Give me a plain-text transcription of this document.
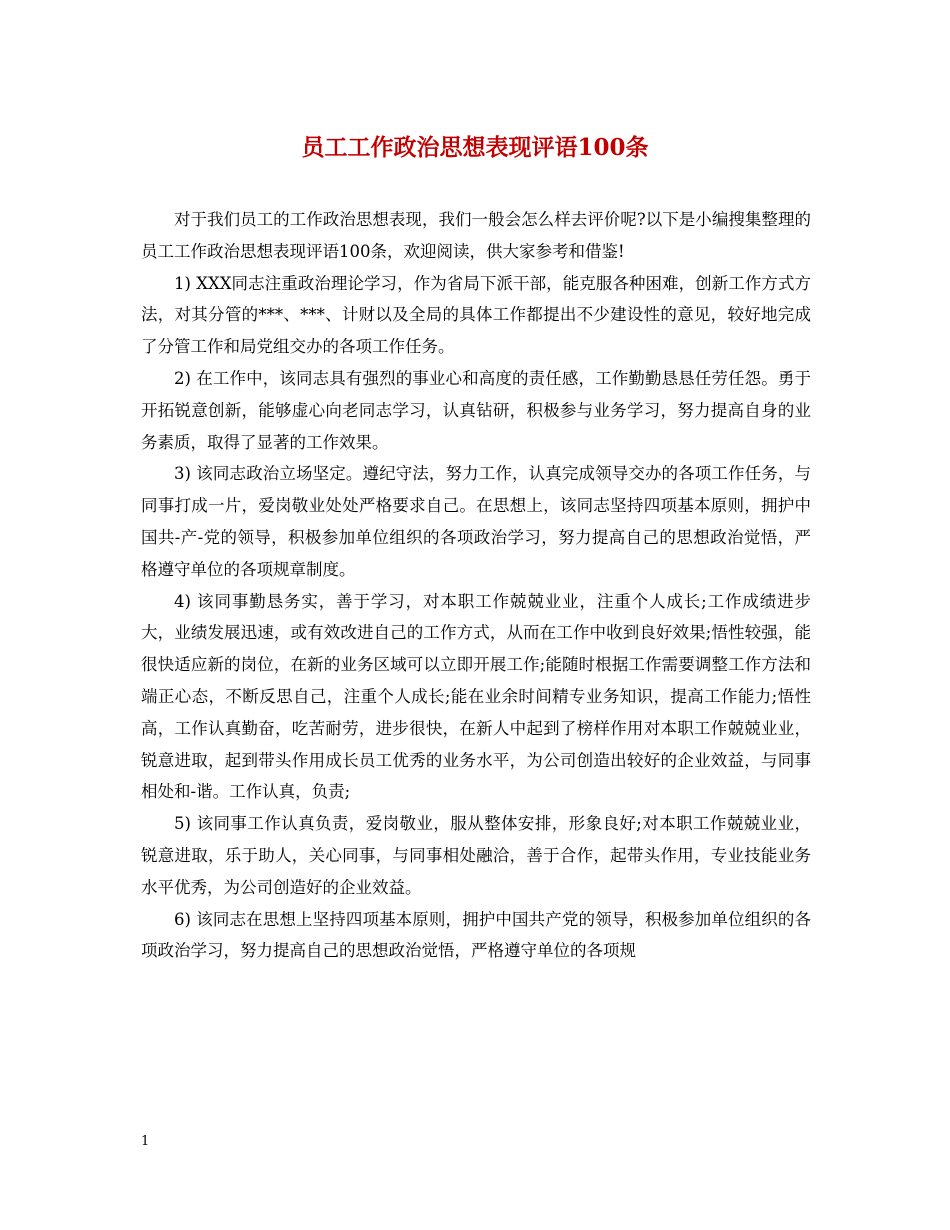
员工工作政治思想表现评语100条

对于我们员工的工作政治思想表现，我们一般会怎么样去评价呢?以下是小编搜集整理的员工工作政治思想表现评语100条，欢迎阅读，供大家参考和借鉴!

1) XXX同志注重政治理论学习，作为省局下派干部，能克服各种困难，创新工作方式方法，对其分管的***、***、计财以及全局的具体工作都提出不少建设性的意见，较好地完成了分管工作和局党组交办的各项工作任务。

2) 在工作中，该同志具有强烈的事业心和高度的责任感，工作勤勤恳恳任劳任怨。勇于开拓锐意创新，能够虚心向老同志学习，认真钻研，积极参与业务学习，努力提高自身的业务素质，取得了显著的工作效果。

3) 该同志政治立场坚定。遵纪守法，努力工作，认真完成领导交办的各项工作任务，与同事打成一片，爱岗敬业处处严格要求自己。在思想上，该同志坚持四项基本原则，拥护中国共-产-党的领导，积极参加单位组织的各项政治学习，努力提高自己的思想政治觉悟，严格遵守单位的各项规章制度。

4) 该同事勤恳务实，善于学习，对本职工作兢兢业业，注重个人成长;工作成绩进步大，业绩发展迅速，或有效改进自己的工作方式，从而在工作中收到良好效果;悟性较强，能很快适应新的岗位，在新的业务区域可以立即开展工作;能随时根据工作需要调整工作方法和端正心态，不断反思自己，注重个人成长;能在业余时间精专业务知识，提高工作能力;悟性高，工作认真勤奋，吃苦耐劳，进步很快，在新人中起到了榜样作用对本职工作兢兢业业，锐意进取，起到带头作用成长员工优秀的业务水平，为公司创造出较好的企业效益，与同事相处和-谐。工作认真，负责;

5) 该同事工作认真负责，爱岗敬业，服从整体安排，形象良好;对本职工作兢兢业业，锐意进取，乐于助人，关心同事，与同事相处融洽，善于合作，起带头作用，专业技能业务水平优秀，为公司创造好的企业效益。

6) 该同志在思想上坚持四项基本原则，拥护中国共产党的领导，积极参加单位组织的各项政治学习，努力提高自己的思想政治觉悟，严格遵守单位的各项规

1
